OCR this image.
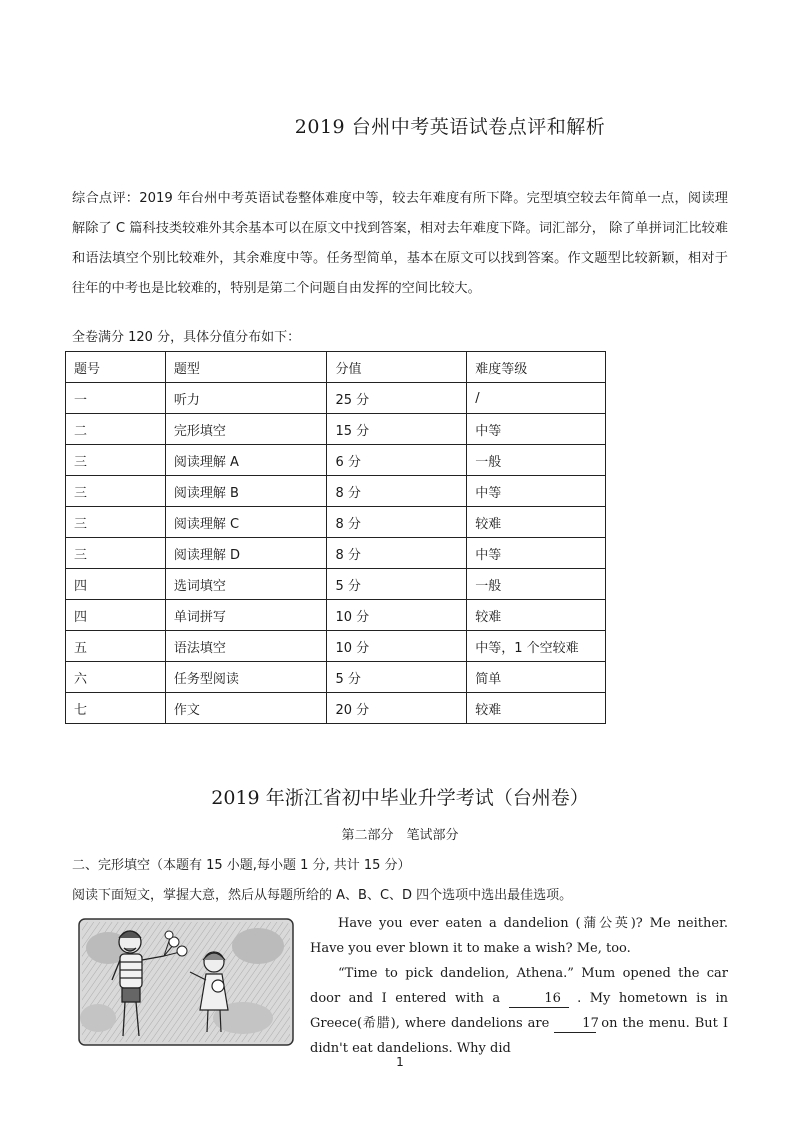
2019 台州中考英语试卷点评和解析
综合点评：2019 年台州中考英语试卷整体难度中等，较去年难度有所下降。完型填空较去年简单一点，阅读理解除了 C 篇科技类较难外其余基本可以在原文中找到答案，相对去年难度下降。词汇部分， 除了单拼词汇比较难和语法填空个别比较难外，其余难度中等。任务型简单，基本在原文可以找到答案。作文题型比较新颖，相对于往年的中考也是比较难的，特别是第二个问题自由发挥的空间比较大。
全卷满分 120 分，具体分值分布如下：
题号	题型	分值	难度等级
一	听力	25 分	/
二	完形填空	15 分	中等
三	阅读理解 A	6 分	一般
三	阅读理解 B	8 分	中等
三	阅读理解 C	8 分	较难
三	阅读理解 D	8 分	中等
四	选词填空	5 分	一般
四	单词拼写	10 分	较难
五	语法填空	10 分	中等，1 个空较难
六	任务型阅读	5 分	简单
七	作文	20 分	较难
2019 年浙江省初中毕业升学考试（台州卷）
第二部分　笔试部分
二、完形填空（本题有 15 小题,每小题 1 分, 共计 15 分）
阅读下面短文，掌握大意，然后从每题所给的 A、B、C、D 四个选项中选出最佳选项。

Have you ever eaten a dandelion (蒲公英)? Me neither. Have you ever blown it to make a wish? Me, too.

“Time to pick dandelion, Athena.” Mum opened the car door and I entered with a	16 . My hometown is in Greece(希腊), where dandelions are 17 on the menu. But I didn't eat dandelions. Why did

1
